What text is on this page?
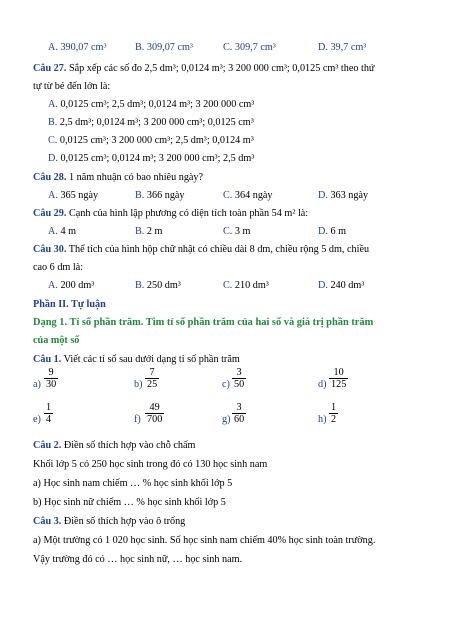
A. 390,07 cm³	B. 309,07 cm³	C. 309,7 cm³	D. 39,7 cm³
Câu 27. Sắp xếp các số đo 2,5 dm³; 0,0124 m³; 3 200 000 cm³; 0,0125 cm³ theo thứ
tự từ bé đến lớn là:
A. 0,0125 cm³; 2,5 dm³; 0,0124 m³; 3 200 000 cm³
B. 2,5 dm³; 0,0124 m³; 3 200 000 cm³; 0,0125 cm³
C. 0,0125 cm³; 3 200 000 cm³; 2,5 dm³; 0,0124 m³
D. 0,0125 cm³; 0,0124 m³; 3 200 000 cm³; 2,5 dm³
Câu 28. 1 năm nhuận có bao nhiêu ngày?
A. 365 ngày	B. 366 ngày	C. 364 ngày	D. 363 ngày
Câu 29. Cạnh của hình lập phương có diện tích toàn phần 54 m² là:
A. 4 m	B. 2 m	C. 3 m	D. 6 m
Câu 30. Thể tích của hình hộp chữ nhật có chiều dài 8 dm, chiều rộng 5 dm, chiều
cao 6 dm là:
A. 200 dm³	B. 250 dm³	C. 210 dm³	D. 240 dm³
Phần II. Tự luận
Dạng 1. Tỉ số phần trăm. Tìm tỉ số phần trăm của hai số và giá trị phần trăm
của một số
Câu 1. Viết các tỉ số sau dưới dạng tỉ số phần trăm
$a) \frac{9}{30}$	$b) \frac{7}{25}$	$c) \frac{3}{50}$	$d) \frac{10}{125}$
$e) \frac{1}{4}$	$f) \frac{49}{700}$	$g) \frac{3}{60}$	$h) \frac{1}{2}$
Câu 2. Điền số thích hợp vào chỗ chấm
Khối lớp 5 có 250 học sinh trong đó có 130 học sinh nam
a) Học sinh nam chiếm … % học sinh khối lớp 5
b) Học sinh nữ chiếm … % học sinh khối lớp 5
Câu 3. Điền số thích hợp vào ô trống
a) Một trường có 1 020 học sinh. Số học sinh nam chiếm 40% học sinh toàn trường.
Vậy trường đó có … học sinh nữ, … học sinh nam.
